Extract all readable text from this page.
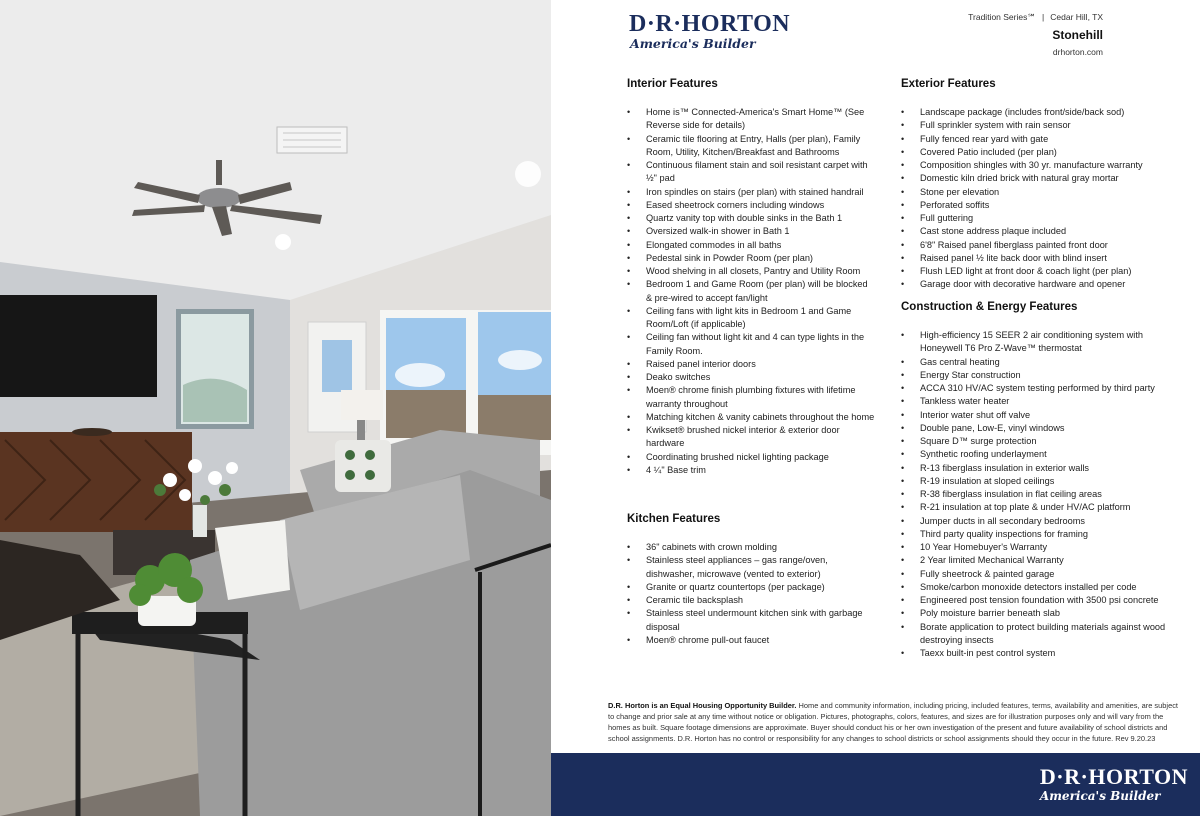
D·R·HORTON
America's Builder
Tradition Series℠ | Cedar Hill, TX
Stonehill
drhorton.com
Interior Features
• Home is™ Connected-America's Smart Home™ (See Reverse side for details)
• Ceramic tile flooring at Entry, Halls (per plan), Family Room, Utility, Kitchen/Breakfast and Bathrooms
• Continuous filament stain and soil resistant carpet with ½" pad
• Iron spindles on stairs (per plan) with stained handrail
• Eased sheetrock corners including windows
• Quartz vanity top with double sinks in the Bath 1
• Oversized walk-in shower in Bath 1
• Elongated commodes in all baths
• Pedestal sink in Powder Room (per plan)
• Wood shelving in all closets, Pantry and Utility Room
• Bedroom 1 and Game Room (per plan) will be blocked & pre-wired to accept fan/light
• Ceiling fans with light kits in Bedroom 1 and Game Room/Loft (if applicable)
• Ceiling fan without light kit and 4 can type lights in the Family Room.
• Raised panel interior doors
• Deako switches
• Moen® chrome finish plumbing fixtures with lifetime warranty throughout
• Matching kitchen & vanity cabinets throughout the home
• Kwikset® brushed nickel interior & exterior door hardware
• Coordinating brushed nickel lighting package
• 4 ¼" Base trim
Kitchen Features
• 36" cabinets with crown molding
• Stainless steel appliances – gas range/oven, dishwasher, microwave (vented to exterior)
• Granite or quartz countertops (per package)
• Ceramic tile backsplash
• Stainless steel undermount kitchen sink with garbage disposal
• Moen® chrome pull-out faucet
Exterior Features
• Landscape package (includes front/side/back sod)
• Full sprinkler system with rain sensor
• Fully fenced rear yard with gate
• Covered Patio included (per plan)
• Composition shingles with 30 yr. manufacture warranty
• Domestic kiln dried brick with natural gray mortar
• Stone per elevation
• Perforated soffits
• Full guttering
• Cast stone address plaque included
• 6'8" Raised panel fiberglass painted front door
• Raised panel ½ lite back door with blind insert
• Flush LED light at front door & coach light (per plan)
• Garage door with decorative hardware and opener
Construction & Energy Features
• High-efficiency 15 SEER 2 air conditioning system with Honeywell T6 Pro Z-Wave™ thermostat
• Gas central heating
• Energy Star construction
• ACCA 310 HV/AC system testing performed by third party
• Tankless water heater
• Interior water shut off valve
• Double pane, Low-E, vinyl windows
• Square D™ surge protection
• Synthetic roofing underlayment
• R-13 fiberglass insulation in exterior walls
• R-19 insulation at sloped ceilings
• R-38 fiberglass insulation in flat ceiling areas
• R-21 insulation at top plate & under HV/AC platform
• Jumper ducts in all secondary bedrooms
• Third party quality inspections for framing
• 10 Year Homebuyer's Warranty
• 2 Year limited Mechanical Warranty
• Fully sheetrock & painted garage
• Smoke/carbon monoxide detectors installed per code
• Engineered post tension foundation with 3500 psi concrete
• Poly moisture barrier beneath slab
• Borate application to protect building materials against wood destroying insects
• Taexx built-in pest control system
D.R. Horton is an Equal Housing Opportunity Builder. Home and community information, including pricing, included features, terms, availability and amenities, are subject to change and prior sale at any time without notice or obligation. Pictures, photographs, colors, features, and sizes are for illustration purposes only and will vary from the homes as built. Square footage dimensions are approximate. Buyer should conduct his or her own investigation of the present and future availability of school districts and school assignments. D.R. Horton has no control or responsibility for any changes to school districts or school assignments should they occur in the future. Rev 9.20.23
D·R·HORTON
America's Builder
